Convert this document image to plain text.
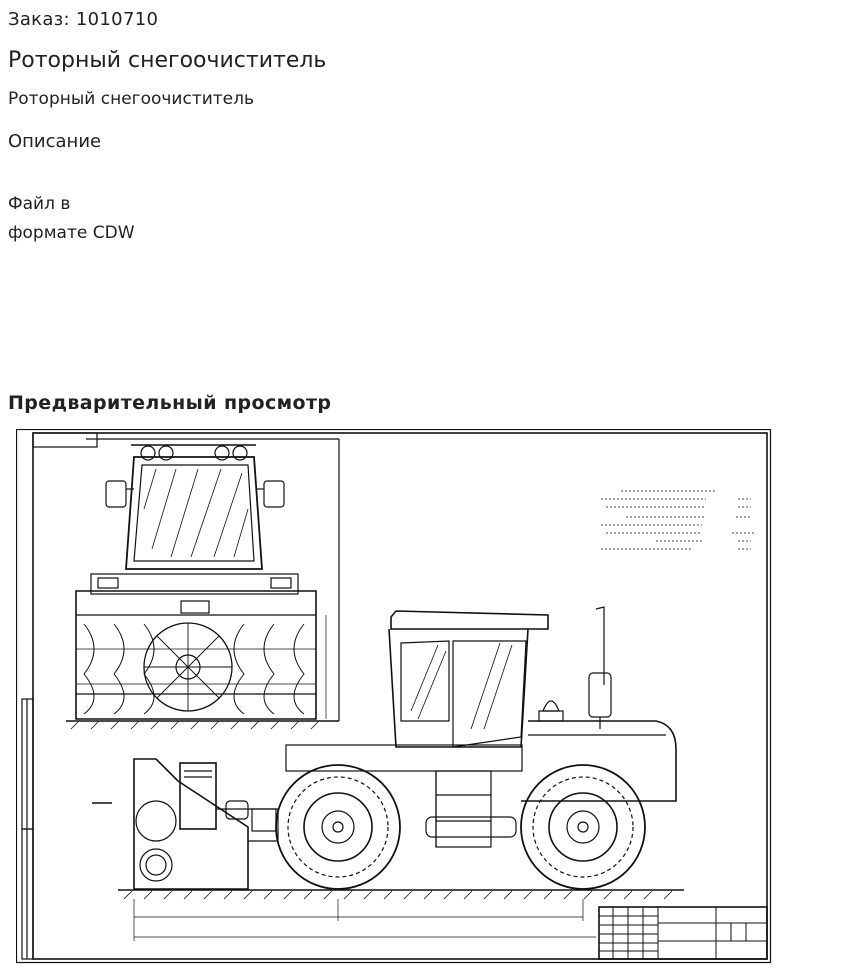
Заказ: 1010710
Роторный снегоочиститель
Роторный снегоочиститель
Описание
Файл в
формате CDW
Предварительный просмотр
